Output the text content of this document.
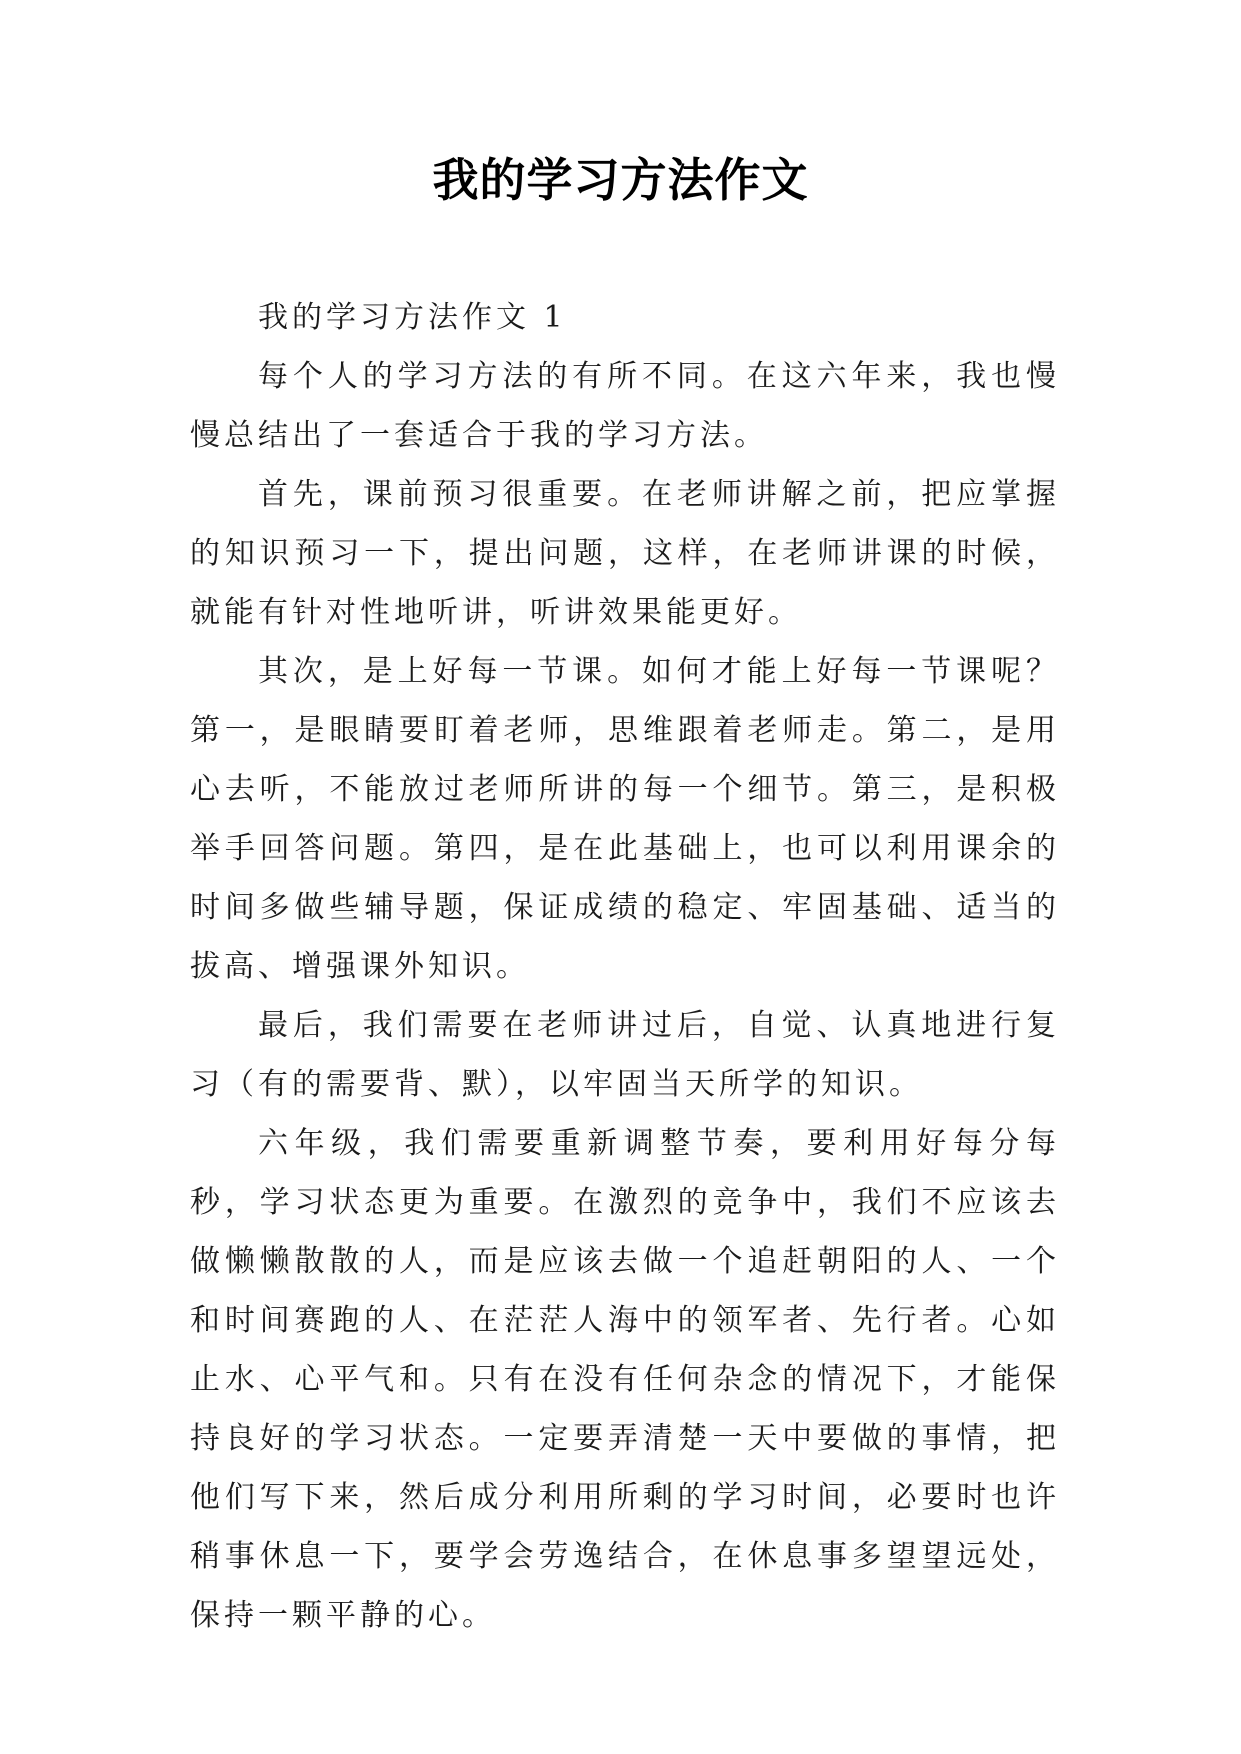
我的学习方法作文

我的学习方法作文 1

每个人的学习方法的有所不同。在这六年来，我也慢慢总结出了一套适合于我的学习方法。

首先，课前预习很重要。在老师讲解之前，把应掌握的知识预习一下，提出问题，这样，在老师讲课的时候，就能有针对性地听讲，听讲效果能更好。

其次，是上好每一节课。如何才能上好每一节课呢？第一，是眼睛要盯着老师，思维跟着老师走。第二，是用心去听，不能放过老师所讲的每一个细节。第三，是积极举手回答问题。第四，是在此基础上，也可以利用课余的时间多做些辅导题，保证成绩的稳定、牢固基础、适当的拔高、增强课外知识。

最后，我们需要在老师讲过后，自觉、认真地进行复习（有的需要背、默），以牢固当天所学的知识。

六年级，我们需要重新调整节奏，要利用好每分每秒，学习状态更为重要。在激烈的竞争中，我们不应该去做懒懒散散的人，而是应该去做一个追赶朝阳的人、一个和时间赛跑的人、在茫茫人海中的领军者、先行者。心如止水、心平气和。只有在没有任何杂念的情况下，才能保持良好的学习状态。一定要弄清楚一天中要做的事情，把他们写下来，然后成分利用所剩的学习时间，必要时也许稍事休息一下，要学会劳逸结合，在休息事多望望远处，保持一颗平静的心。
